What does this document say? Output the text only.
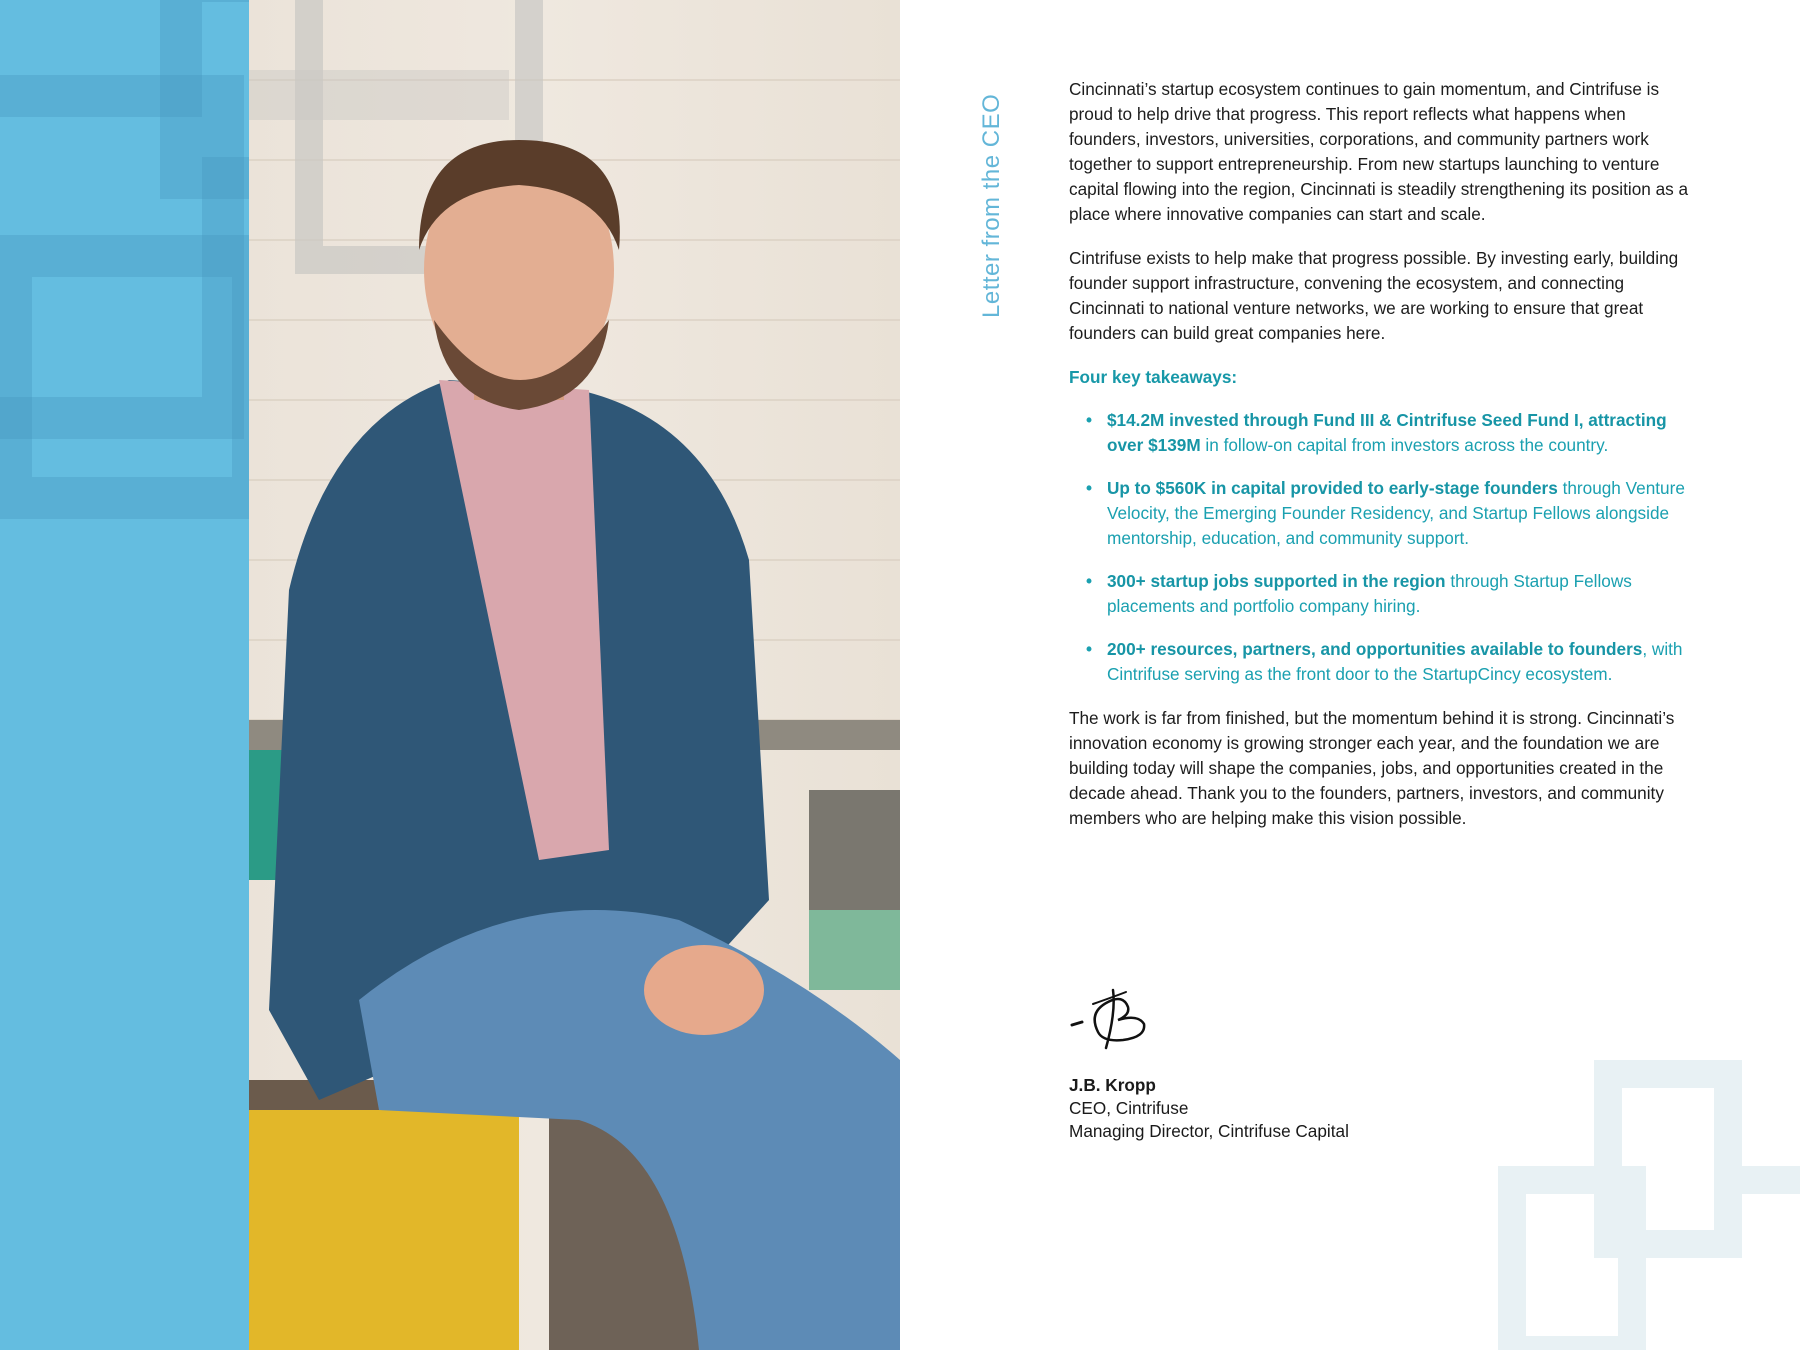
Letter from the CEO

Cincinnati’s startup ecosystem continues to gain momentum, and Cintrifuse is proud to help drive that progress. This report reflects what happens when founders, investors, universities, corporations, and community partners work together to support entrepreneurship. From new startups launching to venture capital flowing into the region, Cincinnati is steadily strengthening its position as a place where innovative companies can start and scale.

Cintrifuse exists to help make that progress possible. By investing early, building founder support infrastructure, convening the ecosystem, and connecting Cincinnati to national venture networks, we are working to ensure that great founders can build great companies here.

Four key takeaways:
• $14.2M invested through Fund III & Cintrifuse Seed Fund I, attracting over $139M in follow-on capital from investors across the country.
• Up to $560K in capital provided to early-stage founders through Venture Velocity, the Emerging Founder Residency, and Startup Fellows alongside mentorship, education, and community support.
• 300+ startup jobs supported in the region through Startup Fellows placements and portfolio company hiring.
• 200+ resources, partners, and opportunities available to founders, with Cintrifuse serving as the front door to the StartupCincy ecosystem.

The work is far from finished, but the momentum behind it is strong. Cincinnati’s innovation economy is growing stronger each year, and the foundation we are building today will shape the companies, jobs, and opportunities created in the decade ahead. Thank you to the founders, partners, investors, and community members who are helping make this vision possible.

J.B. Kropp
CEO, Cintrifuse
Managing Director, Cintrifuse Capital
